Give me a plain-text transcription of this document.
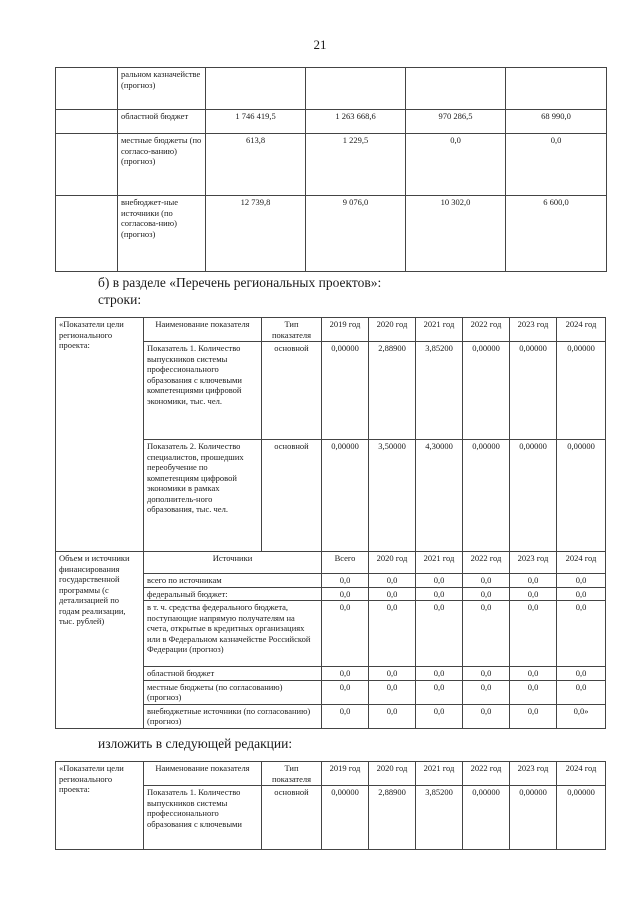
21
	ральном казначействе (прогноз)					
	областной бюджет	1 746 419,5	1 263 668,6	970 286,5	68 990,0	
	местные бюджеты (по согласо-ванию) (прогноз)	613,8	1 229,5	0,0	0,0	
	внебюджет-ные источники (по согласова-нию) (прогноз)	12 739,8	9 076,0	10 302,0	6 600,0	
б) в разделе «Перечень региональных проектов»:
строки:
«Показатели цели регионального проекта:	Наименование показателя	Тип показателя	2019 год	2020 год	2021 год	2022 год	2023 год	2024 год
	Показатель 1. Количество выпускников системы профессионального образования с ключевыми компетенциями цифровой экономики, тыс. чел.	основной	0,00000	2,88900	3,85200	0,00000	0,00000	0,00000
	Показатель 2. Количество специалистов, прошедших переобучение по компетенциям цифровой экономики в рамках дополнитель-ного образования, тыс. чел.	основной	0,00000	3,50000	4,30000	0,00000	0,00000	0,00000
Объем и источники финансирования государственной программы (с детализацией по годам реализации, тыс. рублей)	Источники		Всего	2020 год	2021 год	2022 год	2023 год	2024 год
	всего по источникам		0,0	0,0	0,0	0,0	0,0	0,0
	федеральный бюджет:		0,0	0,0	0,0	0,0	0,0	0,0
	в т. ч. средства федерального бюджета, поступающие напрямую получателям на счета, открытые в кредитных организациях или в Федеральном казначействе Российской Федерации (прогноз)		0,0	0,0	0,0	0,0	0,0	0,0
	областной бюджет		0,0	0,0	0,0	0,0	0,0	0,0
	местные бюджеты (по согласованию) (прогноз)		0,0	0,0	0,0	0,0	0,0	0,0
	внебюджетные источники (по согласованию) (прогноз)		0,0	0,0	0,0	0,0	0,0	0,0»
изложить в следующей редакции:
«Показатели цели регионального проекта:	Наименование показателя	Тип показателя	2019 год	2020 год	2021 год	2022 год	2023 год	2024 год
	Показатель 1. Количество выпускников системы профессионального образования с ключевыми	основной	0,00000	2,88900	3,85200	0,00000	0,00000	0,00000
